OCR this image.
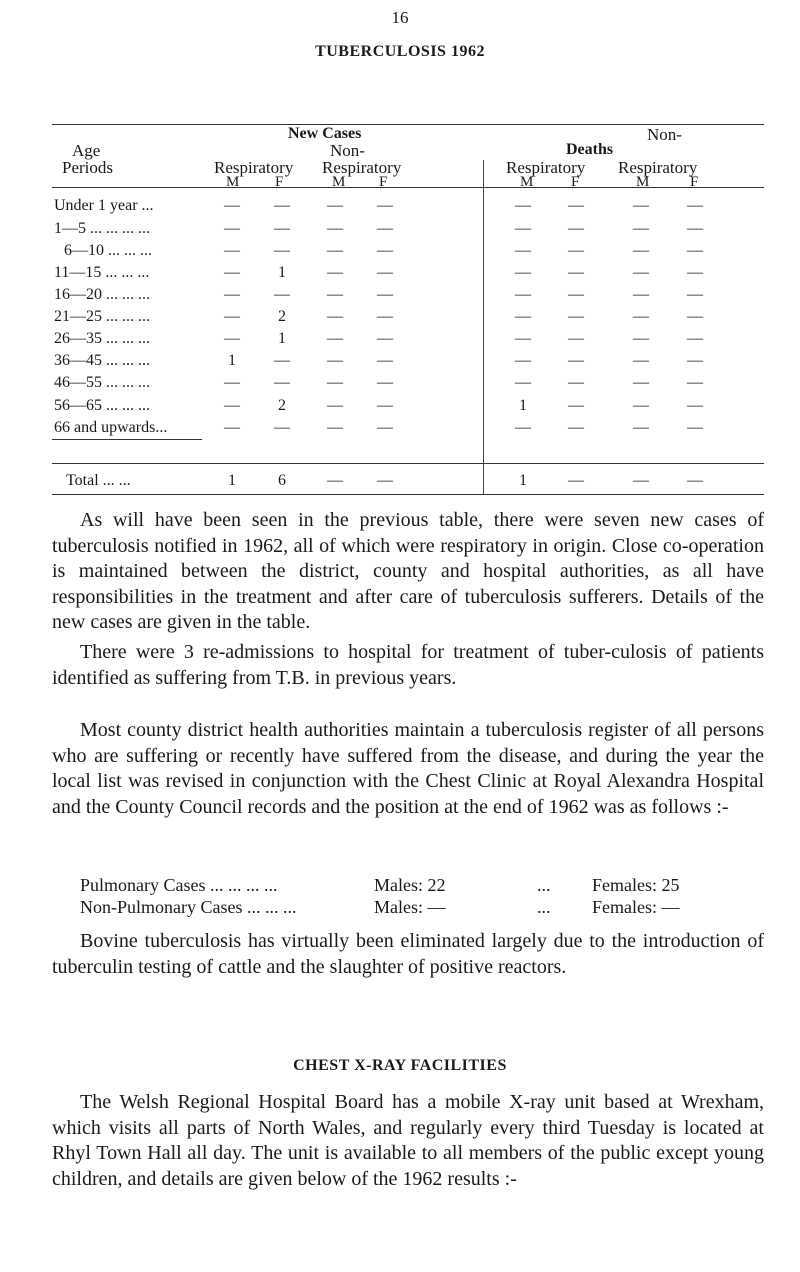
16
TUBERCULOSIS 1962
Age
Periods
New Cases
Non-	Deaths
Non-
Respiratory Respiratory	Respiratory Respiratory
M F	M F	M	F	M	F
Under 1 year ...	—	—	—	—	—	—	—	—
1—5 ... ... ... ...	—	—	—	—	—	—	—	—
6—10 ... ... ...	—	—	—	—	—	—	—	—
11—15 ... ... ...	—	1	—	—	—	—	—	—
16—20 ... ... ...	—	—	—	—	—	—	—	—
21—25 ... ... ...	—	2	—	—	—	—	—	—
26—35 ... ... ...	—	1	—	—	—	—	—	—
36—45 ... ... ...	1	—	—	—	—	—	—	—
46—55 ... ... ...	—	—	—	—	—	—	—	—
56—65 ... ... ...	—	2	—	—	1	—	—	—
66 and upwards...	—	—	—	—	—	—	—	—
Total ... ...	1	6	—	—	1	—	—	—

As will have been seen in the previous table, there were seven new cases of tuberculosis notified in 1962, all of which were respiratory in origin. Close co-operation is maintained between the district, county and hospital authorities, as all have responsibilities in the treatment and after care of tuberculosis sufferers. Details of the new cases are given in the table.

There were 3 re-admissions to hospital for treatment of tuber-culosis of patients identified as suffering from T.B. in previous years.

Most county district health authorities maintain a tuberculosis register of all persons who are suffering or recently have suffered from the disease, and during the year the local list was revised in conjunction with the Chest Clinic at Royal Alexandra Hospital and the County Council records and the position at the end of 1962 was as follows :-

Pulmonary Cases ... ... ... ...	Males: 22	... Females: 25
Non-Pulmonary Cases ... ... ...	Males: —	... Females: —

Bovine tuberculosis has virtually been eliminated largely due to the introduction of tuberculin testing of cattle and the slaughter of positive reactors.

CHEST X-RAY FACILITIES

The Welsh Regional Hospital Board has a mobile X-ray unit based at Wrexham, which visits all parts of North Wales, and regularly every third Tuesday is located at Rhyl Town Hall all day. The unit is available to all members of the public except young children, and details are given below of the 1962 results :-
